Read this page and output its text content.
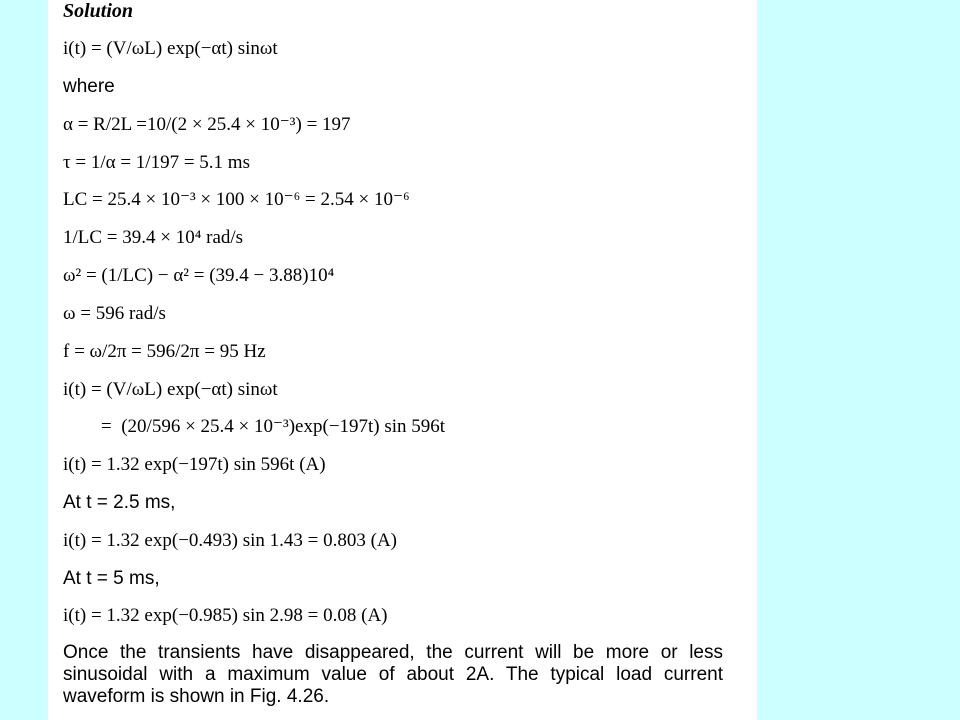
Solution
i(t) = (V/ωL) exp(−αt) sinωt
where
α = R/2L =10/(2 × 25.4 × 10⁻³) = 197
τ = 1/α = 1/197 = 5.1 ms
LC = 25.4 × 10⁻³ × 100 × 10⁻⁶ = 2.54 × 10⁻⁶
1/LC = 39.4 × 10⁴ rad/s
ω² = (1/LC) − α² = (39.4 − 3.88)10⁴
ω = 596 rad/s
f = ω/2π = 596/2π = 95 Hz
i(t) = (V/ωL) exp(−αt) sinωt
=  (20/596 × 25.4 × 10⁻³)exp(−197t) sin 596t
i(t) = 1.32 exp(−197t) sin 596t (A)
At t = 2.5 ms,
i(t) = 1.32 exp(−0.493) sin 1.43 = 0.803 (A)
At t = 5 ms,
i(t) = 1.32 exp(−0.985) sin 2.98 = 0.08 (A)
Once the transients have disappeared, the current will be more or less sinusoidal with a maximum value of about 2A. The typical load current waveform is shown in Fig. 4.26.
